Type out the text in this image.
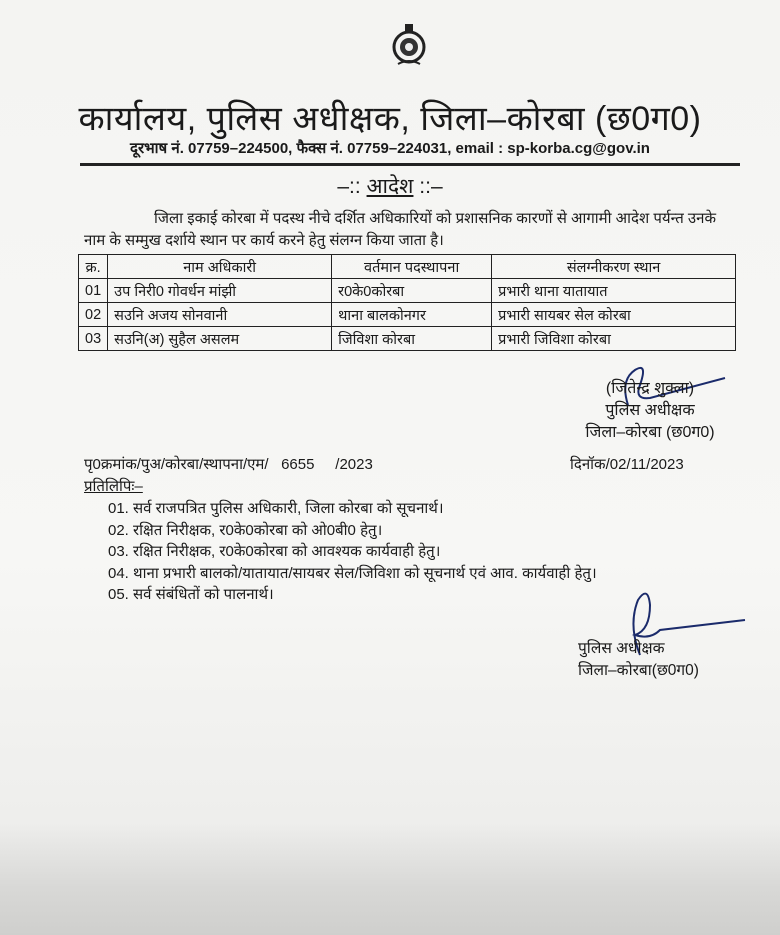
कार्यालय, पुलिस अधीक्षक, जिला–कोरबा (छ0ग0)
दूरभाष नं. 07759–224500, फैक्स नं. 07759–224031, email : sp-korba.cg@gov.in
–:: आदेश ::–
जिला इकाई कोरबा में पदस्थ नीचे दर्शित अधिकारियों को प्रशासनिक कारणों से आगामी आदेश पर्यन्त उनके नाम के सम्मुख दर्शाये स्थान पर कार्य करने हेतु संलग्न किया जाता है।
क्र.	नाम अधिकारी	वर्तमान पदस्थापना	संलग्नीकरण स्थान
01	उप निरी0 गोवर्धन मांझी	र0के0कोरबा	प्रभारी थाना यातायात
02	सउनि अजय सोनवानी	थाना बालकोनगर	प्रभारी सायबर सेल कोरबा
03	सउनि(अ) सुहैल असलम	जिविशा कोरबा	प्रभारी जिविशा कोरबा
(जितेन्द्र शुक्ला)
पुलिस अधीक्षक
जिला–कोरबा (छ0ग0)
पृ0क्रमांक/पुअ/कोरबा/स्थापना/एम/   6655     /2023	दिनॉक/02/11/2023
प्रतिलिपिः–
01. सर्व राजपत्रित पुलिस अधिकारी, जिला कोरबा को सूचनार्थ।
02. रक्षित निरीक्षक, र0के0कोरबा को ओ0बी0 हेतु।
03. रक्षित निरीक्षक, र0के0कोरबा को आवश्यक कार्यवाही हेतु।
04. थाना प्रभारी बालको/यातायात/सायबर सेल/जिविशा को सूचनार्थ एवं आव. कार्यवाही हेतु।
05. सर्व संबंधितों को पालनार्थ।
पुलिस अधीक्षक
जिला–कोरबा(छ0ग0)
